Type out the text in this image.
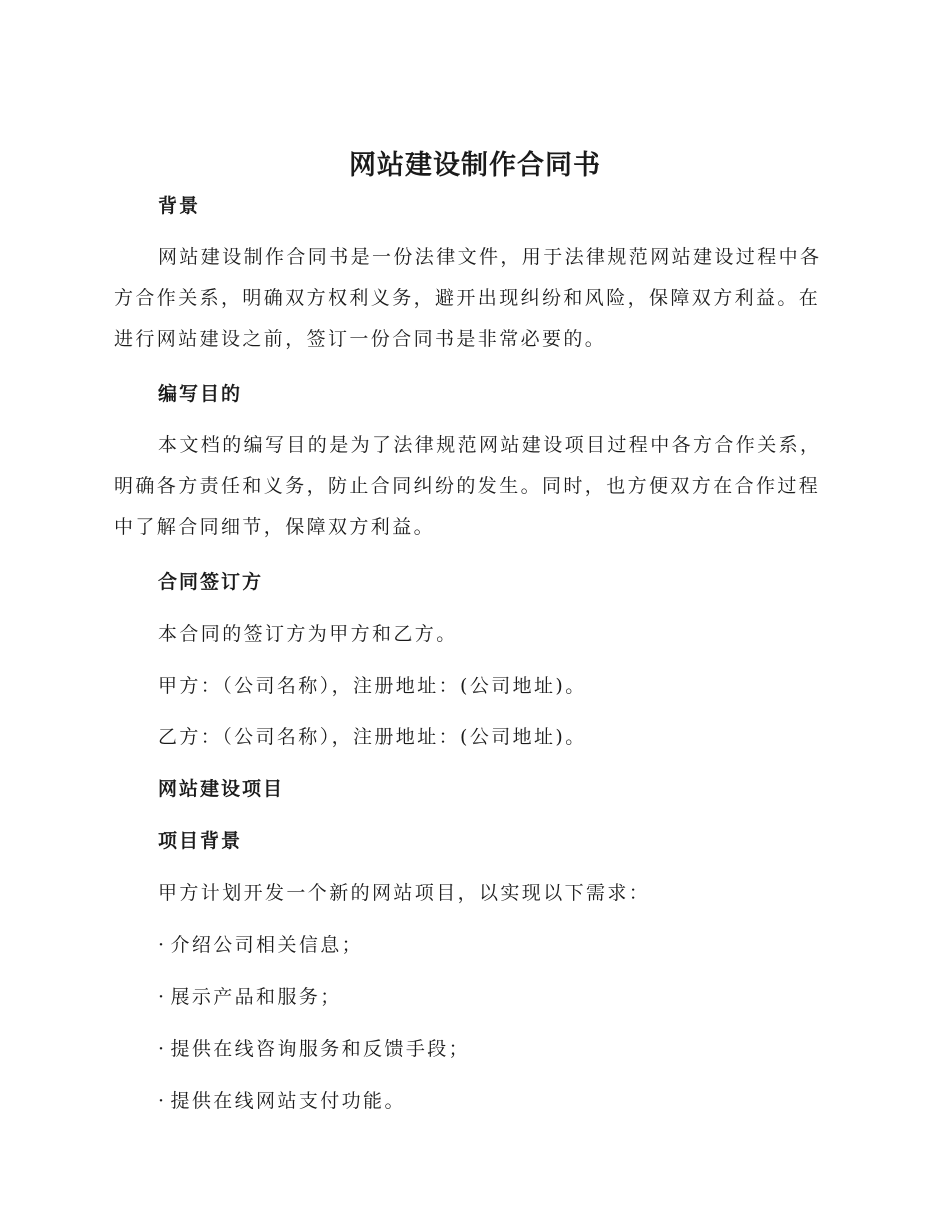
网站建设制作合同书
背景

网站建设制作合同书是一份法律文件，用于法律规范网站建设过程中各方合作关系，明确双方权利义务，避开出现纠纷和风险，保障双方利益。在进行网站建设之前，签订一份合同书是非常必要的。

编写目的

本文档的编写目的是为了法律规范网站建设项目过程中各方合作关系，明确各方责任和义务，防止合同纠纷的发生。同时，也方便双方在合作过程中了解合同细节，保障双方利益。

合同签订方

本合同的签订方为甲方和乙方。

甲方：（公司名称），注册地址：(公司地址)。

乙方：（公司名称），注册地址：(公司地址)。

网站建设项目
项目背景

甲方计划开发一个新的网站项目，以实现以下需求：

· 介绍公司相关信息；

· 展示产品和服务；

· 提供在线咨询服务和反馈手段；

· 提供在线网站支付功能。
